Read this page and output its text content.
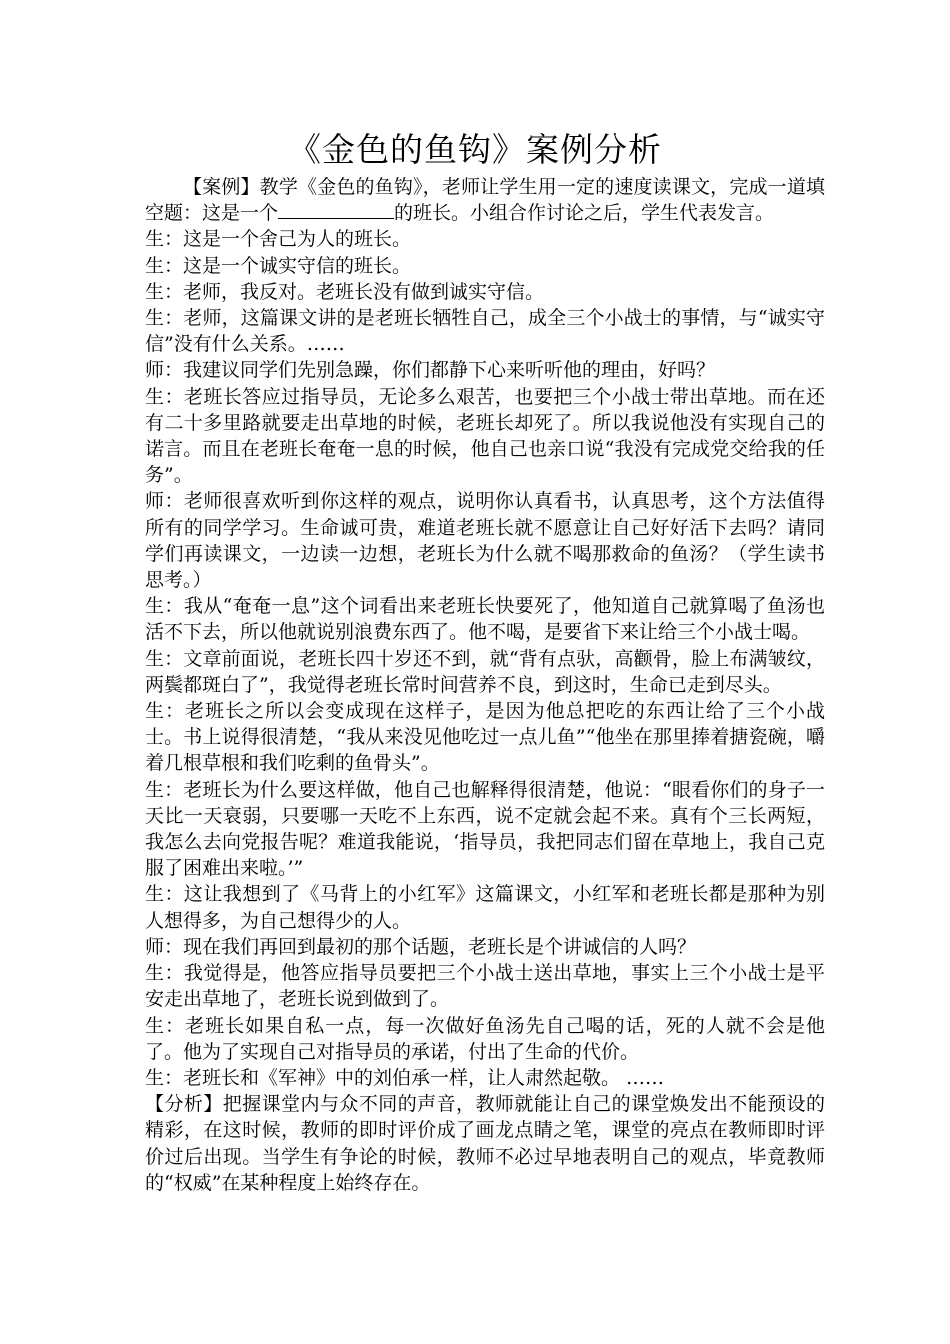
《金色的鱼钩》案例分析

【案例】教学《金色的鱼钩》，老师让学生用一定的速度读课文，完成一道填空题：这是一个	的班长。小组合作讨论之后，学生代表发言。

生：这是一个舍己为人的班长。

生：这是一个诚实守信的班长。

生：老师，我反对。老班长没有做到诚实守信。

生：老师，这篇课文讲的是老班长牺牲自己，成全三个小战士的事情，与“诚实守信”没有什么关系。……

师：我建议同学们先别急躁，你们都静下心来听听他的理由，好吗？

生：老班长答应过指导员，无论多么艰苦，也要把三个小战士带出草地。而在还有二十多里路就要走出草地的时候，老班长却死了。所以我说他没有实现自己的诺言。而且在老班长奄奄一息的时候，他自己也亲口说“我没有完成党交给我的任务”。

师：老师很喜欢听到你这样的观点，说明你认真看书，认真思考，这个方法值得所有的同学学习。生命诚可贵，难道老班长就不愿意让自己好好活下去吗？请同学们再读课文，一边读一边想，老班长为什么就不喝那救命的鱼汤？（学生读书思考。）

生：我从“奄奄一息”这个词看出来老班长快要死了，他知道自己就算喝了鱼汤也活不下去，所以他就说别浪费东西了。他不喝，是要省下来让给三个小战士喝。

生：文章前面说，老班长四十岁还不到，就“背有点驮，高颧骨，脸上布满皱纹，两鬓都斑白了”，我觉得老班长常时间营养不良，到这时，生命已走到尽头。

生：老班长之所以会变成现在这样子，是因为他总把吃的东西让给了三个小战士。书上说得很清楚，“我从来没见他吃过一点儿鱼”“他坐在那里捧着搪瓷碗，嚼着几根草根和我们吃剩的鱼骨头”。

生：老班长为什么要这样做，他自己也解释得很清楚，他说：“眼看你们的身子一天比一天衰弱，只要哪一天吃不上东西，说不定就会起不来。真有个三长两短，我怎么去向党报告呢？难道我能说，‘指导员，我把同志们留在草地上，我自己克服了困难出来啦。’”

生：这让我想到了《马背上的小红军》这篇课文，小红军和老班长都是那种为别人想得多，为自己想得少的人。

师：现在我们再回到最初的那个话题，老班长是个讲诚信的人吗？

生：我觉得是，他答应指导员要把三个小战士送出草地，事实上三个小战士是平安走出草地了，老班长说到做到了。

生：老班长如果自私一点，每一次做好鱼汤先自己喝的话，死的人就不会是他了。他为了实现自己对指导员的承诺，付出了生命的代价。

生：老班长和《军神》中的刘伯承一样，让人肃然起敬。 ……

【分析】把握课堂内与众不同的声音，教师就能让自己的课堂焕发出不能预设的精彩，在这时候，教师的即时评价成了画龙点睛之笔，课堂的亮点在教师即时评价过后出现。当学生有争论的时候，教师不必过早地表明自己的观点，毕竟教师的“权威”在某种程度上始终存在。
